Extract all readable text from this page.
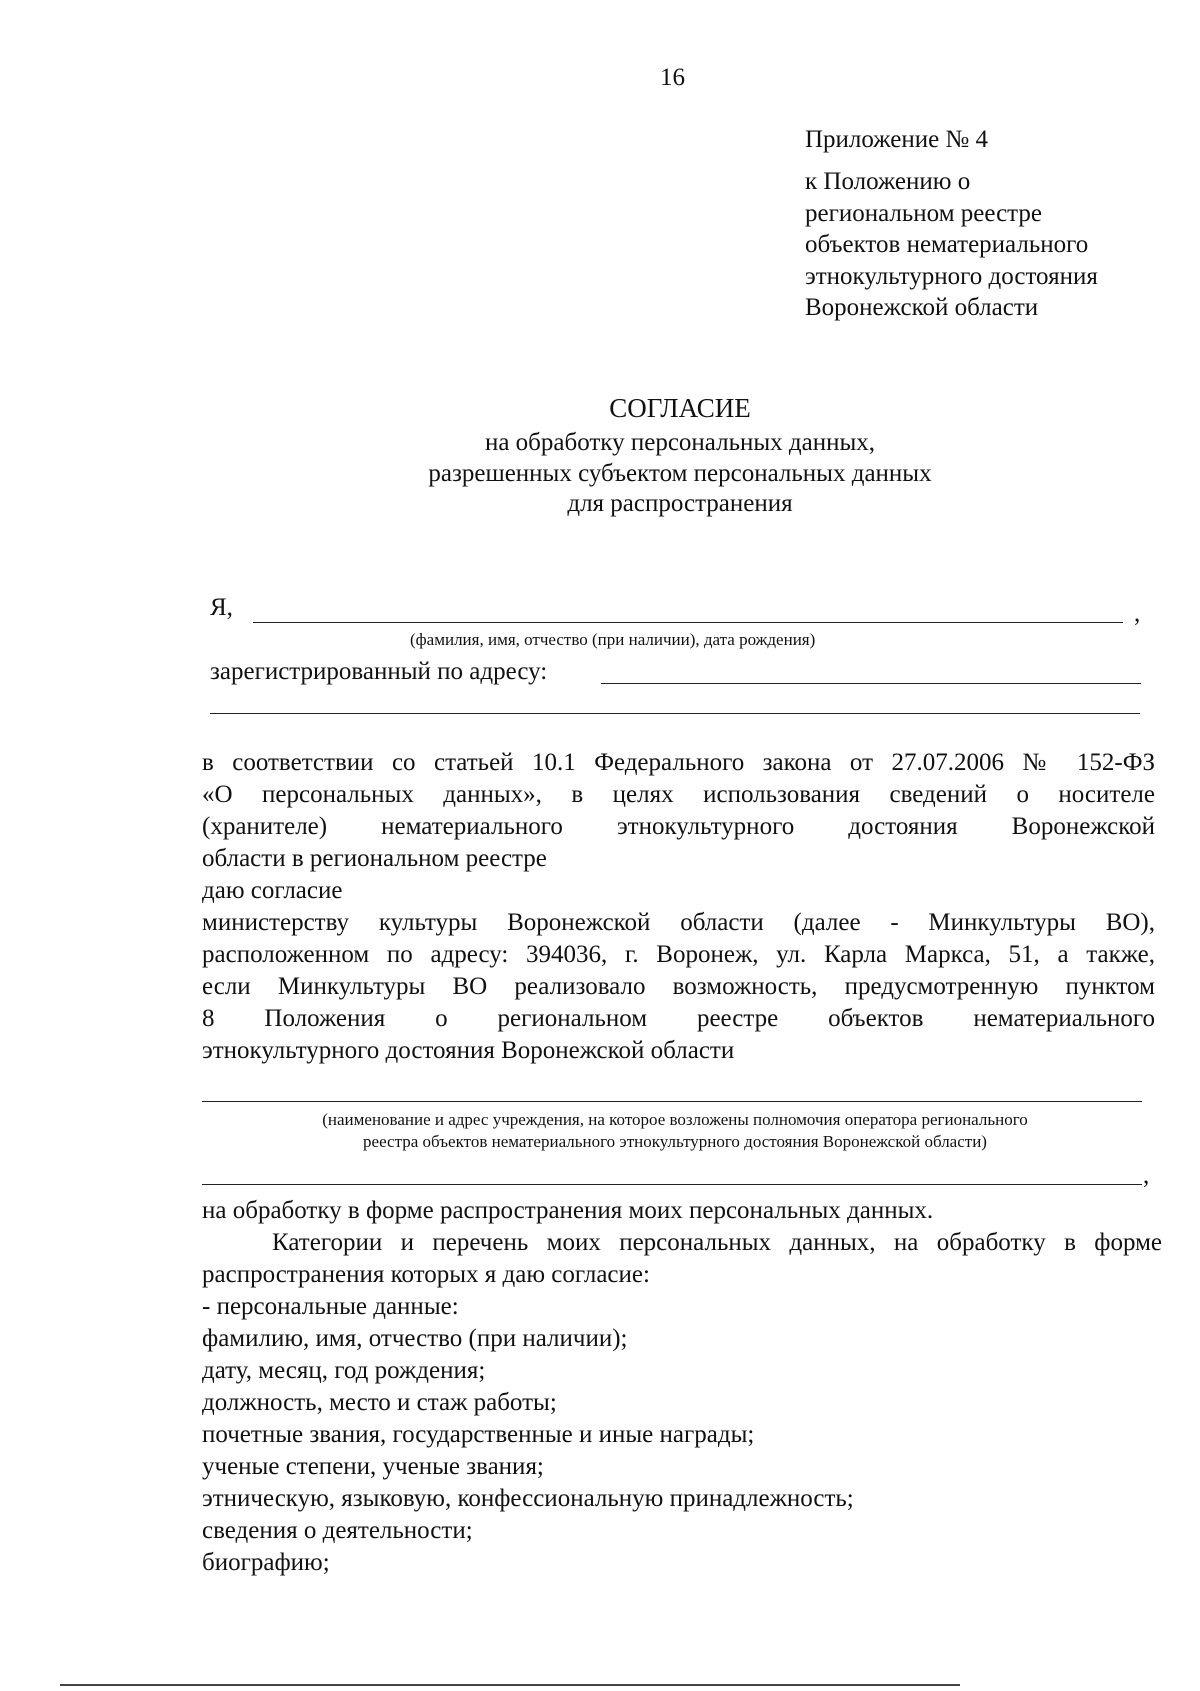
16
Приложение № 4
к Положению о
региональном реестре
объектов нематериального
этнокультурного достояния
Воронежской области
СОГЛАСИЕ
на обработку персональных данных,
разрешенных субъектом персональных данных
для распространения
Я,	,
(фамилия, имя, отчество (при наличии), дата рождения)
зарегистрированный по адресу:
в соответствии со статьей 10.1 Федерального закона от 27.07.2006 № 152-ФЗ
«О персональных данных», в целях использования сведений о носителе
(хранителе) нематериального этнокультурного достояния Воронежской
области в региональном реестре
даю согласие
министерству культуры Воронежской области (далее - Минкультуры ВО),
расположенном по адресу: 394036, г. Воронеж, ул. Карла Маркса, 51, а также,
если Минкультуры ВО реализовало возможность, предусмотренную пунктом
8 Положения о региональном реестре объектов нематериального
этнокультурного достояния Воронежской области
(наименование и адрес учреждения, на которое возложены полномочия оператора регионального
реестра объектов нематериального этнокультурного достояния Воронежской области)
,
на обработку в форме распространения моих персональных данных.
Категории и перечень моих персональных данных, на обработку в форме
распространения которых я даю согласие:
- персональные данные:
фамилию, имя, отчество (при наличии);
дату, месяц, год рождения;
должность, место и стаж работы;
почетные звания, государственные и иные награды;
ученые степени, ученые звания;
этническую, языковую, конфессиональную принадлежность;
сведения о деятельности;
биографию;
